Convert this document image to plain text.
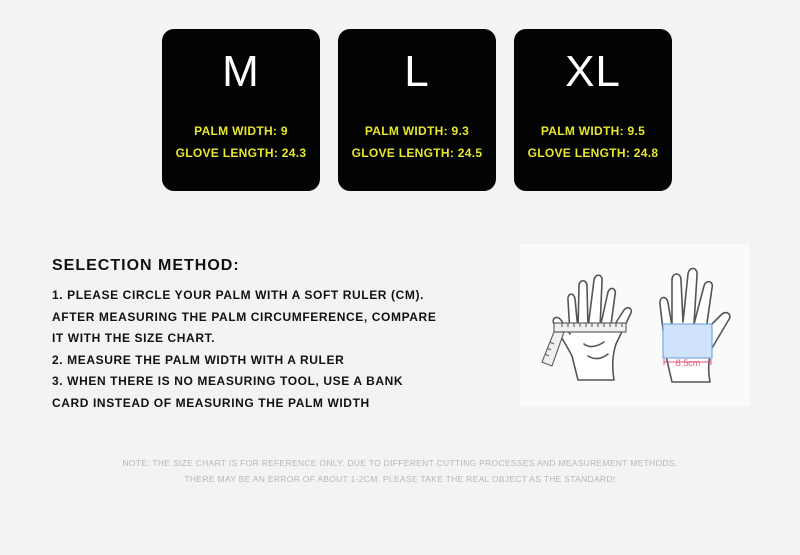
M
PALM WIDTH: 9
GLOVE LENGTH: 24.3
L
PALM WIDTH: 9.3
GLOVE LENGTH: 24.5
XL
PALM WIDTH: 9.5
GLOVE LENGTH: 24.8
SELECTION METHOD:
1. PLEASE CIRCLE YOUR PALM WITH A SOFT RULER (CM).
AFTER MEASURING THE PALM CIRCUMFERENCE, COMPARE
IT WITH THE SIZE CHART.
2. MEASURE THE PALM WIDTH WITH A RULER
3. WHEN THERE IS NO MEASURING TOOL, USE A BANK
CARD INSTEAD OF MEASURING THE PALM WIDTH
8.5cm
NOTE: THE SIZE CHART IS FOR REFERENCE ONLY. DUE TO DIFFERENT CUTTING PROCESSES AND MEASUREMENT METHODS,
THERE MAY BE AN ERROR OF ABOUT 1-2CM. PLEASE TAKE THE REAL OBJECT AS THE STANDARD!
